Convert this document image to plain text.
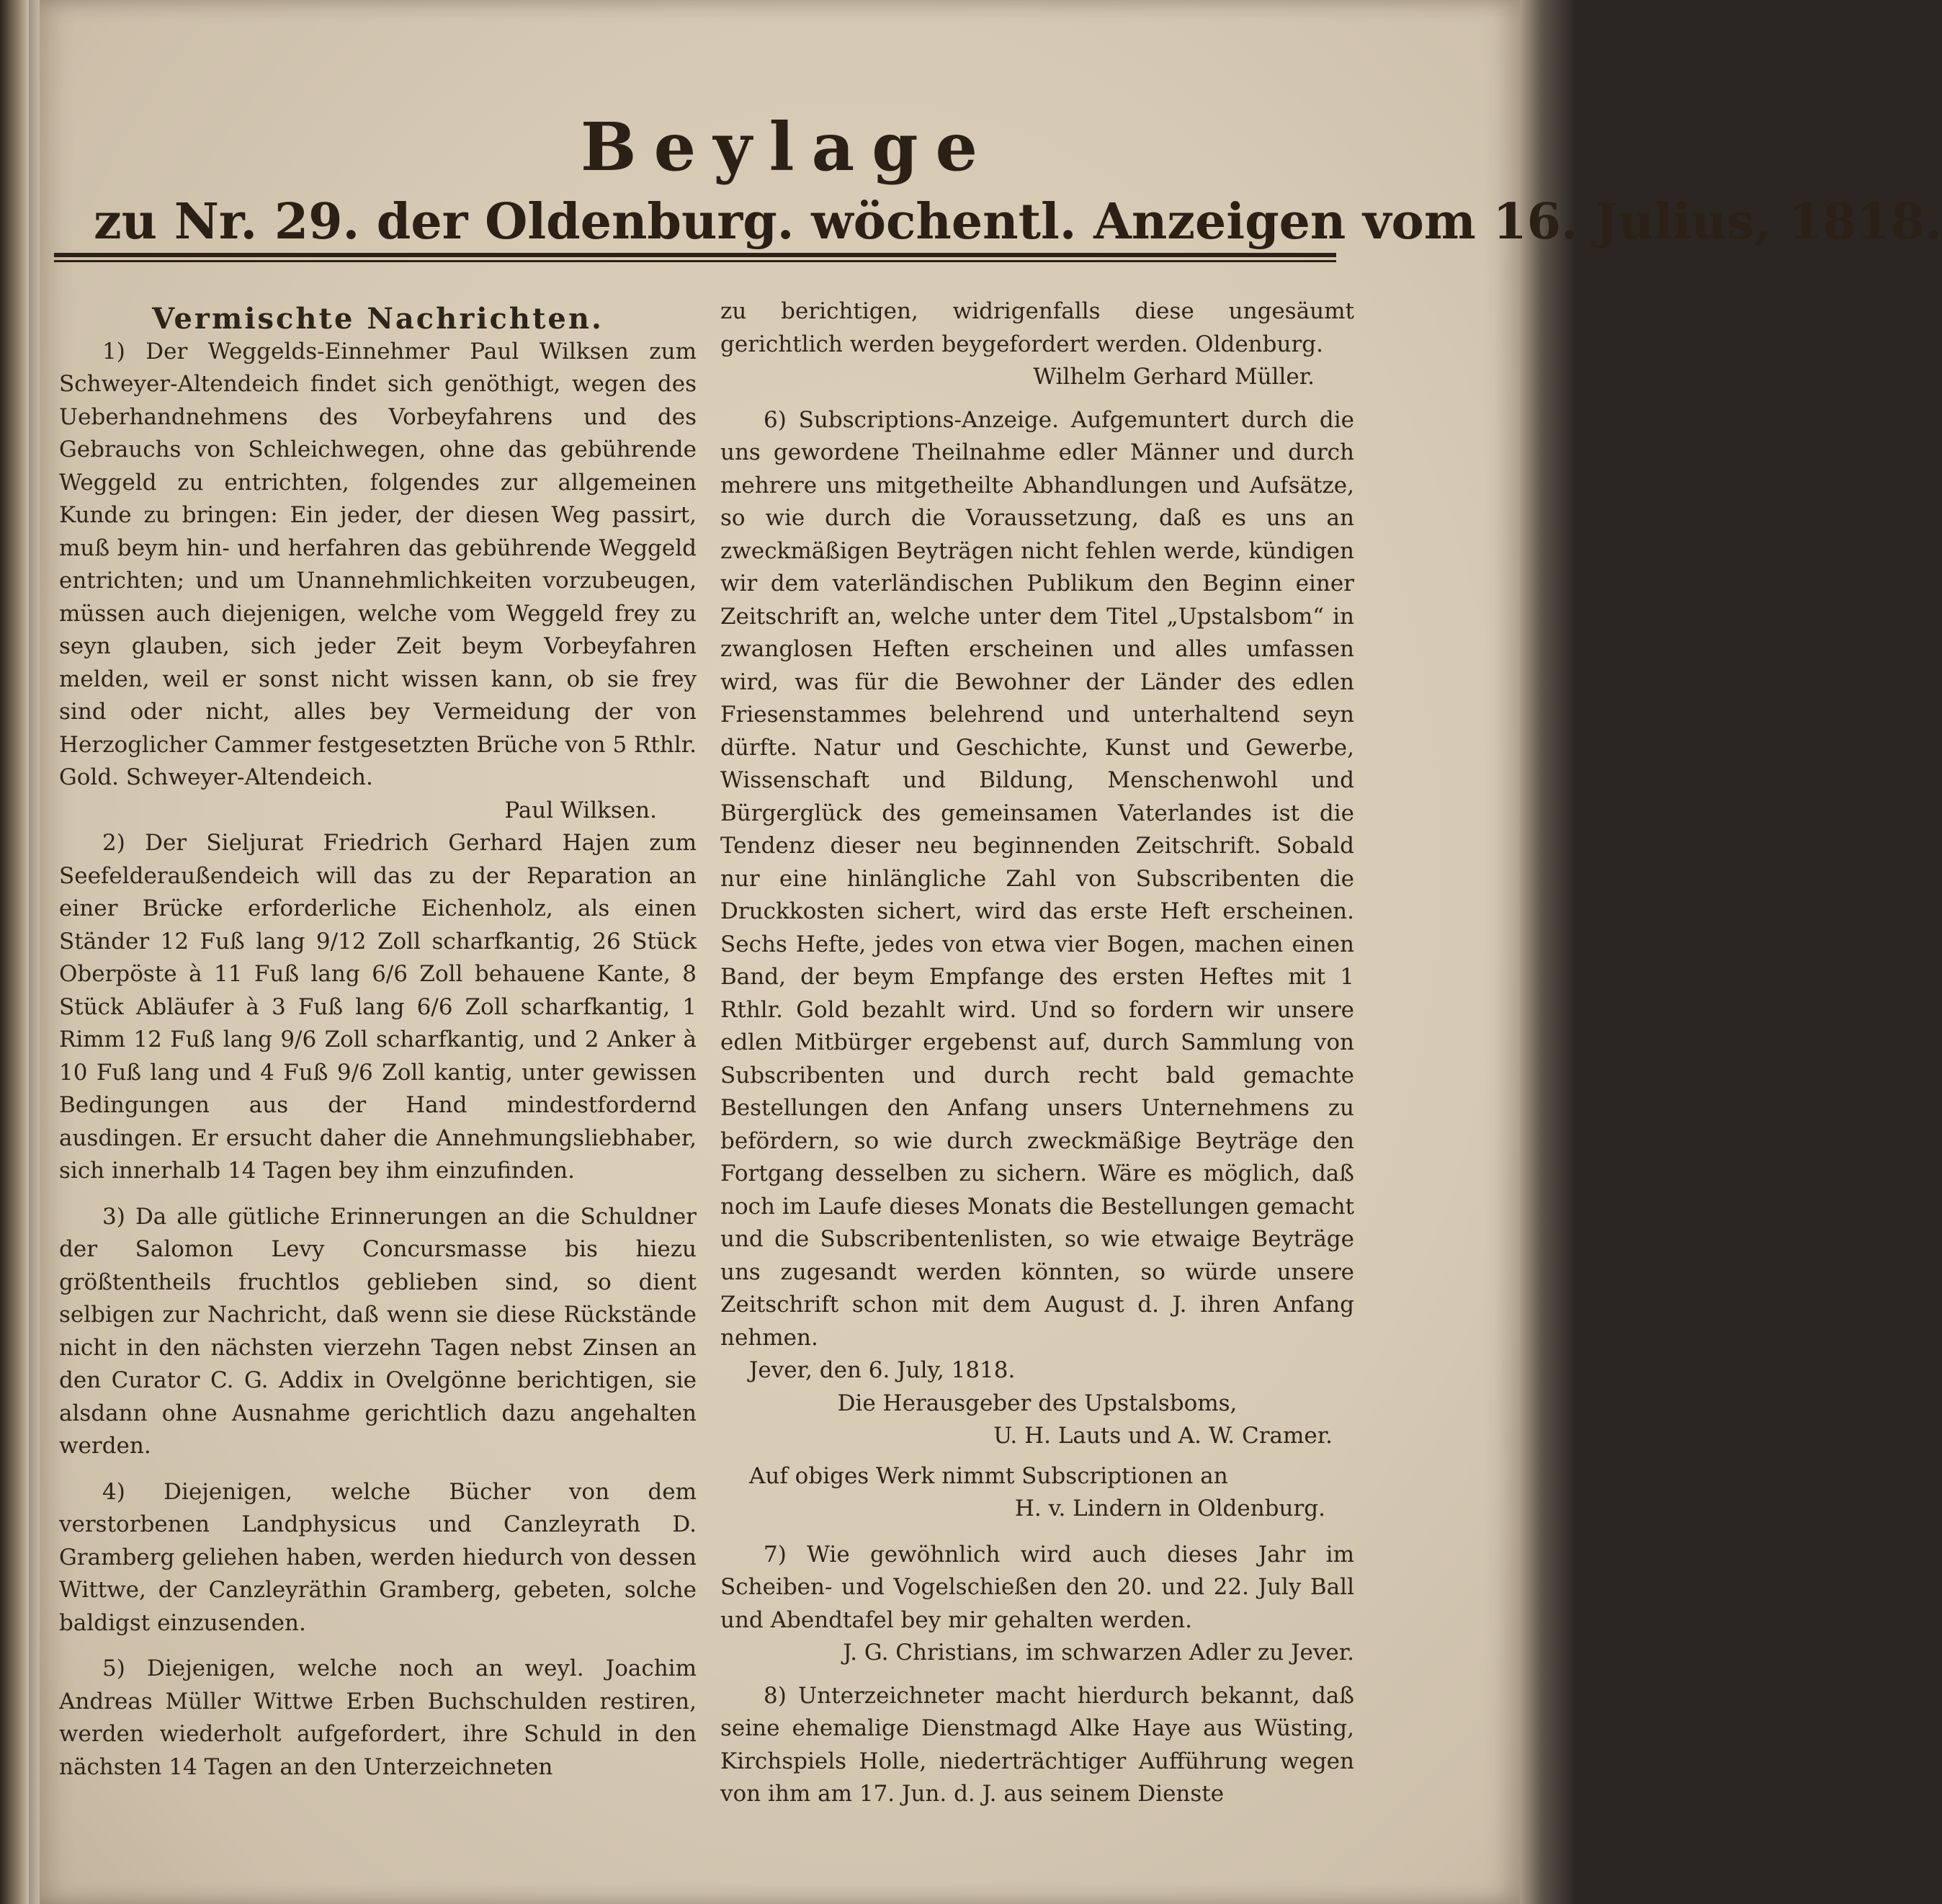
Beylage
zu Nr. 29. der Oldenburg. wöchentl. Anzeigen vom 16. Julius, 1818.

Vermischte Nachrichten.

1) Der Weggelds-Einnehmer Paul Wilksen zum Schweyer-Altendeich findet sich genöthigt, wegen des Ueberhandnehmens des Vorbeyfahrens und des Gebrauchs von Schleichwegen, ohne das gebührende Weggeld zu entrichten, folgendes zur allgemeinen Kunde zu bringen: Ein jeder, der diesen Weg passirt, muß beym hin- und herfahren das gebührende Weggeld entrichten; und um Unannehmlichkeiten vorzubeugen, müssen auch diejenigen, welche vom Weggeld frey zu seyn glauben, sich jeder Zeit beym Vorbeyfahren melden, weil er sonst nicht wissen kann, ob sie frey sind oder nicht, alles bey Vermeidung der von Herzoglicher Cammer festgesetzten Brüche von 5 Rthlr. Gold. Schweyer-Altendeich.

Paul Wilksen.

2) Der Sieljurat Friedrich Gerhard Hajen zum Seefelderaußendeich will das zu der Reparation an einer Brücke erforderliche Eichenholz, als einen Ständer 12 Fuß lang 9/12 Zoll scharfkantig, 26 Stück Oberpöste à 11 Fuß lang 6/6 Zoll behauene Kante, 8 Stück Abläufer à 3 Fuß lang 6/6 Zoll scharfkantig, 1 Rimm 12 Fuß lang 9/6 Zoll scharfkantig, und 2 Anker à 10 Fuß lang und 4 Fuß 9/6 Zoll kantig, unter gewissen Bedingungen aus der Hand mindestfordernd ausdingen. Er ersucht daher die Annehmungsliebhaber, sich innerhalb 14 Tagen bey ihm einzufinden.

3) Da alle gütliche Erinnerungen an die Schuldner der Salomon Levy Concursmasse bis hiezu größtentheils fruchtlos geblieben sind, so dient selbigen zur Nachricht, daß wenn sie diese Rückstände nicht in den nächsten vierzehn Tagen nebst Zinsen an den Curator C. G. Addix in Ovelgönne berichtigen, sie alsdann ohne Ausnahme gerichtlich dazu angehalten werden.

4) Diejenigen, welche Bücher von dem verstorbenen Landphysicus und Canzleyrath D. Gramberg geliehen haben, werden hiedurch von dessen Wittwe, der Canzleyräthin Gramberg, gebeten, solche baldigst einzusenden.

5) Diejenigen, welche noch an weyl. Joachim Andreas Müller Wittwe Erben Buchschulden restiren, werden wiederholt aufgefordert, ihre Schuld in den nächsten 14 Tagen an den Unterzeichneten

zu berichtigen, widrigenfalls diese ungesäumt gerichtlich werden beygefordert werden. Oldenburg.

Wilhelm Gerhard Müller.

6) Subscriptions-Anzeige. Aufgemuntert durch die uns gewordene Theilnahme edler Männer und durch mehrere uns mitgetheilte Abhandlungen und Aufsätze, so wie durch die Voraussetzung, daß es uns an zweckmäßigen Beyträgen nicht fehlen werde, kündigen wir dem vaterländischen Publikum den Beginn einer Zeitschrift an, welche unter dem Titel „Upstalsbom“ in zwanglosen Heften erscheinen und alles umfassen wird, was für die Bewohner der Länder des edlen Friesenstammes belehrend und unterhaltend seyn dürfte. Natur und Geschichte, Kunst und Gewerbe, Wissenschaft und Bildung, Menschenwohl und Bürgerglück des gemeinsamen Vaterlandes ist die Tendenz dieser neu beginnenden Zeitschrift. Sobald nur eine hinlängliche Zahl von Subscribenten die Druckkosten sichert, wird das erste Heft erscheinen. Sechs Hefte, jedes von etwa vier Bogen, machen einen Band, der beym Empfange des ersten Heftes mit 1 Rthlr. Gold bezahlt wird. Und so fordern wir unsere edlen Mitbürger ergebenst auf, durch Sammlung von Subscribenten und durch recht bald gemachte Bestellungen den Anfang unsers Unternehmens zu befördern, so wie durch zweckmäßige Beyträge den Fortgang desselben zu sichern. Wäre es möglich, daß noch im Laufe dieses Monats die Bestellungen gemacht und die Subscribentenlisten, so wie etwaige Beyträge uns zugesandt werden könnten, so würde unsere Zeitschrift schon mit dem August d. J. ihren Anfang nehmen.

Jever, den 6. July, 1818.

Die Herausgeber des Upstalsboms,

U. H. Lauts und A. W. Cramer.

Auf obiges Werk nimmt Subscriptionen an

H. v. Lindern in Oldenburg.

7) Wie gewöhnlich wird auch dieses Jahr im Scheiben- und Vogelschießen den 20. und 22. July Ball und Abendtafel bey mir gehalten werden.

J. G. Christians, im schwarzen Adler zu Jever.

8) Unterzeichneter macht hierdurch bekannt, daß seine ehemalige Dienstmagd Alke Haye aus Wüsting, Kirchspiels Holle, niederträchtiger Aufführung wegen von ihm am 17. Jun. d. J. aus seinem Dienste
